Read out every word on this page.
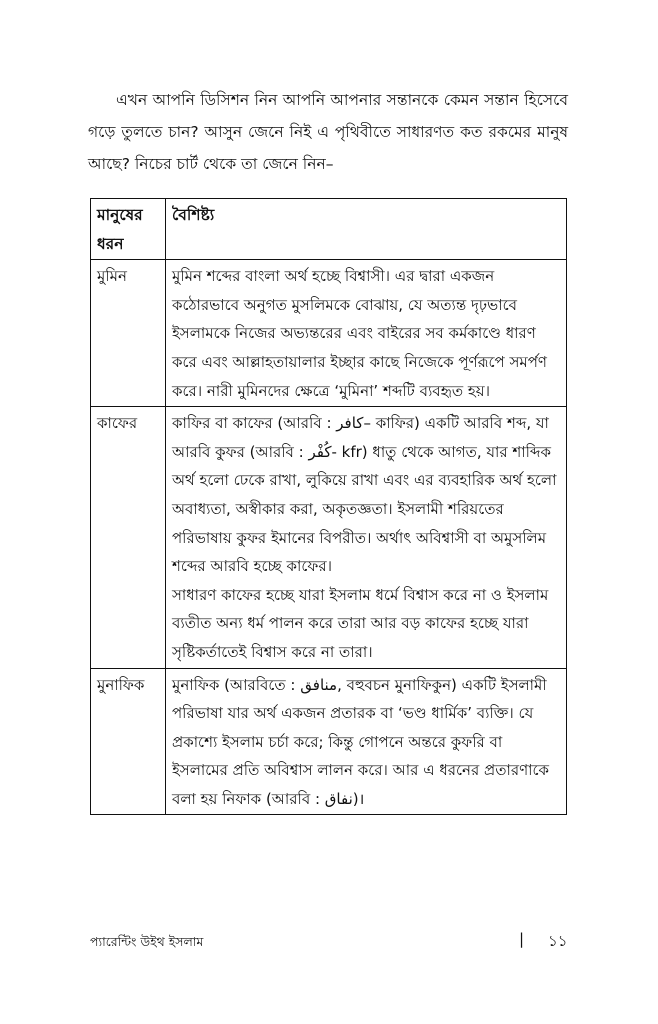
এখন আপনি ডিসিশন নিন আপনি আপনার সন্তানকে কেমন সন্তান হিসেবে গড়ে তুলতে চান? আসুন জেনে নিই এ পৃথিবীতে সাধারণত কত রকমের মানুষ আছে? নিচের চার্ট থেকে তা জেনে নিন–

মানুষের ধরন	বৈশিষ্ট্য
মুমিন	মুমিন শব্দের বাংলা অর্থ হচ্ছে বিশ্বাসী। এর দ্বারা একজন কঠোরভাবে অনুগত মুসলিমকে বোঝায়, যে অত্যন্ত দৃঢ়ভাবে ইসলামকে নিজের অভ্যন্তরের এবং বাইরের সব কর্মকাণ্ডে ধারণ করে এবং আল্লাহতায়ালার ইচ্ছার কাছে নিজেকে পূর্ণরূপে সমর্পণ করে। নারী মুমিনদের ক্ষেত্রে ‘মুমিনা’ শব্দটি ব্যবহৃত হয়।

কাফের	কাফির বা কাফের (আরবি : كافر– কাফির) একটি আরবি শব্দ, যা আরবি কুফর (আরবি : كُفْر- kfr) ধাতু থেকে আগত, যার শাব্দিক অর্থ হলো ঢেকে রাখা, লুকিয়ে রাখা এবং এর ব্যবহারিক অর্থ হলো অবাধ্যতা, অস্বীকার করা, অকৃতজ্ঞতা। ইসলামী শরিয়তের পরিভাষায় কুফর ইমানের বিপরীত। অর্থাৎ অবিশ্বাসী বা অমুসলিম শব্দের আরবি হচ্ছে কাফের।

সাধারণ কাফের হচ্ছে যারা ইসলাম ধর্মে বিশ্বাস করে না ও ইসলাম ব্যতীত অন্য ধর্ম পালন করে তারা আর বড় কাফের হচ্ছে যারা সৃষ্টিকর্তাতেই বিশ্বাস করে না তারা।

মুনাফিক	মুনাফিক (আরবিতে : منافق, বহুবচন মুনাফিকুন) একটি ইসলামী পরিভাষা যার অর্থ একজন প্রতারক বা ‘ভণ্ড ধার্মিক’ ব্যক্তি। যে প্রকাশ্যে ইসলাম চর্চা করে; কিন্তু গোপনে অন্তরে কুফরি বা ইসলামের প্রতি অবিশ্বাস লালন করে। আর এ ধরনের প্রতারণাকে বলা হয় নিফাক (আরবি : نفاق)।

প্যারেন্টিং উইথ ইসলাম	| ১১
